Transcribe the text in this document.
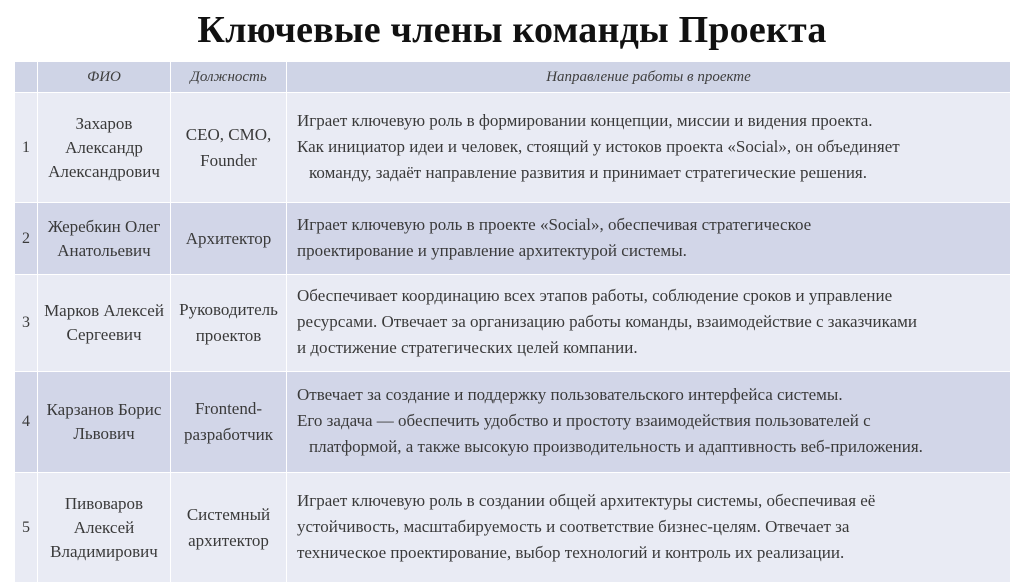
Ключевые члены команды Проекта
	ФИО	Должность	Направление работы в проекте
1	Захаров Александр Александрович	CEO, CMO, Founder	Играет ключевую роль в формировании концепции, миссии и видения проекта.
Как инициатор идеи и человек, стоящий у истоков проекта «Social», он объединяет
команду, задаёт направление развития и принимает стратегические решения.

2	Жеребкин Олег Анатольевич	Архитектор	Играет ключевую роль в проекте «Social», обеспечивая стратегическое
проектирование и управление архитектурой системы.

3	Марков Алексей Сергеевич	Руководитель проектов	Обеспечивает координацию всех этапов работы, соблюдение сроков и управление
ресурсами. Отвечает за организацию работы команды, взаимодействие с заказчиками
и достижение стратегических целей компании.

4	Карзанов Борис Львович	Frontend-разработчик	Отвечает за создание и поддержку пользовательского интерфейса системы.
Его задача — обеспечить удобство и простоту взаимодействия пользователей с
платформой, а также высокую производительность и адаптивность веб-приложения.

5	Пивоваров Алексей Владимирович	Системный архитектор	Играет ключевую роль в создании общей архитектуры системы, обеспечивая её
устойчивость, масштабируемость и соответствие бизнес-целям. Отвечает за
техническое проектирование, выбор технологий и контроль их реализации.
